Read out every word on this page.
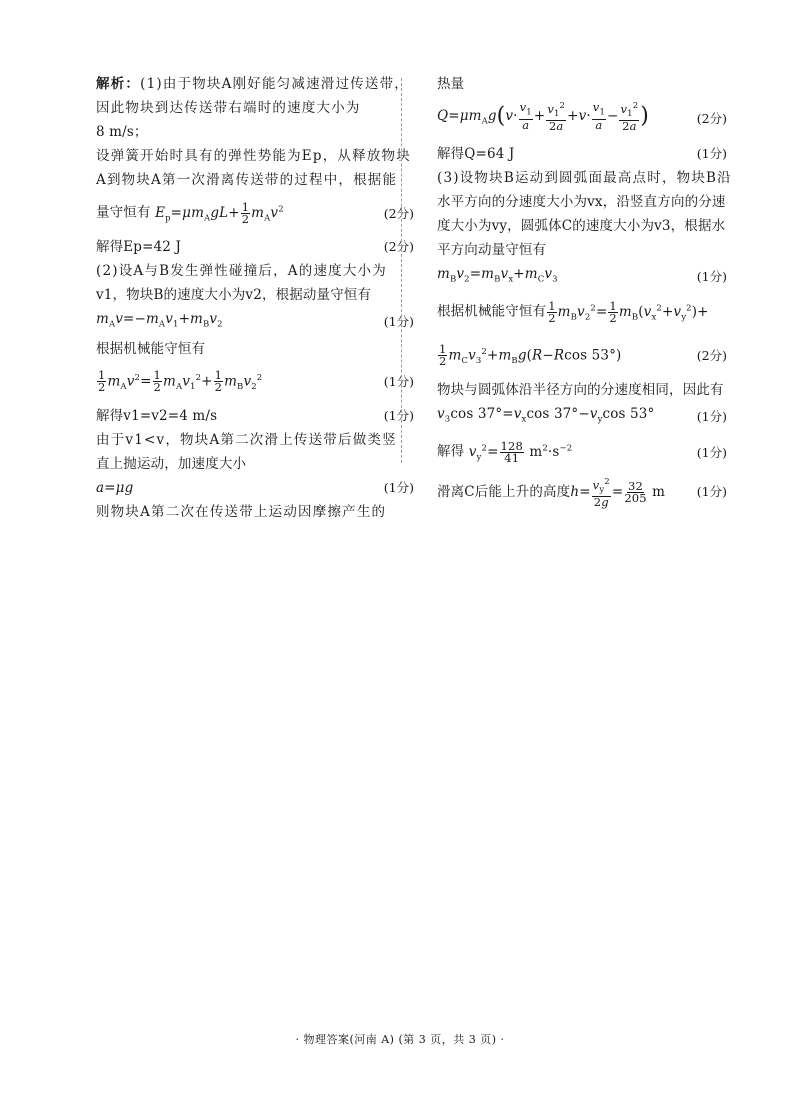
解析：(1)由于物块A刚好能匀减速滑过传送带，
因此物块到达传送带右端时的速度大小为
8 m/s；
设弹簧开始时具有的弹性势能为Ep，从释放物块
A到物块A第一次滑离传送带的过程中，根据能
量守恒有 $E_p=\mu m_AgL+ \frac{1}{2} m_Av^2$	(2分)
解得Ep=42 J	(2分)
(2)设A与B发生弹性碰撞后，A的速度大小为
v1，物块B的速度大小为v2，根据动量守恒有
$m_Av=-m_Av_1+m_Bv_2$	(1分)
根据机械能守恒有
$\frac{1}{2} m_Av^2= \frac{1}{2} m_Av_1^2+ \frac{1}{2} m_Bv_2^2$	(1分)
解得v1=v2=4 m/s	(1分)
由于v1<v，物块A第二次滑上传送带后做类竖
直上抛运动，加速度大小
a=μg	(1分)
则物块A第二次在传送带上运动因摩擦产生的
热量
$Q=\mu m_Ag(v\cdot \frac{v_1}{a} + \frac{v_1^2}{2a} +v\cdot \frac{v_1}{a} - \frac{v_1^2}{2a}$ )	(2分)
解得Q=64 J	(1分)
(3)设物块B运动到圆弧面最高点时，物块B沿
水平方向的分速度大小为vx，沿竖直方向的分速
度大小为vy，圆弧体C的速度大小为v3，根据水
平方向动量守恒有
$m_Bv_2=m_Bv_x+m_Cv_3$	(1分)
根据机械能守恒有 $\frac{1}{2} m_Bv_2^2= \frac{1}{2} m_B(v_x^2+v_y^2)+$
$\frac{1}{2} m_Cv_3^2+m_Bg(R-Rcos$ 53°)	(2分)
物块与圆弧体沿半径方向的分速度相同，因此有
$v_3\cos$ $37^\circ=v_x\cos$ $37^\circ-v_y\cos$ 53°	(1分)
解得 $v_y^2= \frac{128}{41} m^2\cdot s^{-2}$	(1分)
滑离C后能上升的高度$h= \frac{v_y^2}{2g} = \frac{32}{205}$ m	(1分)
· 物理答案(河南 A) (第 3 页，共 3 页) ·
